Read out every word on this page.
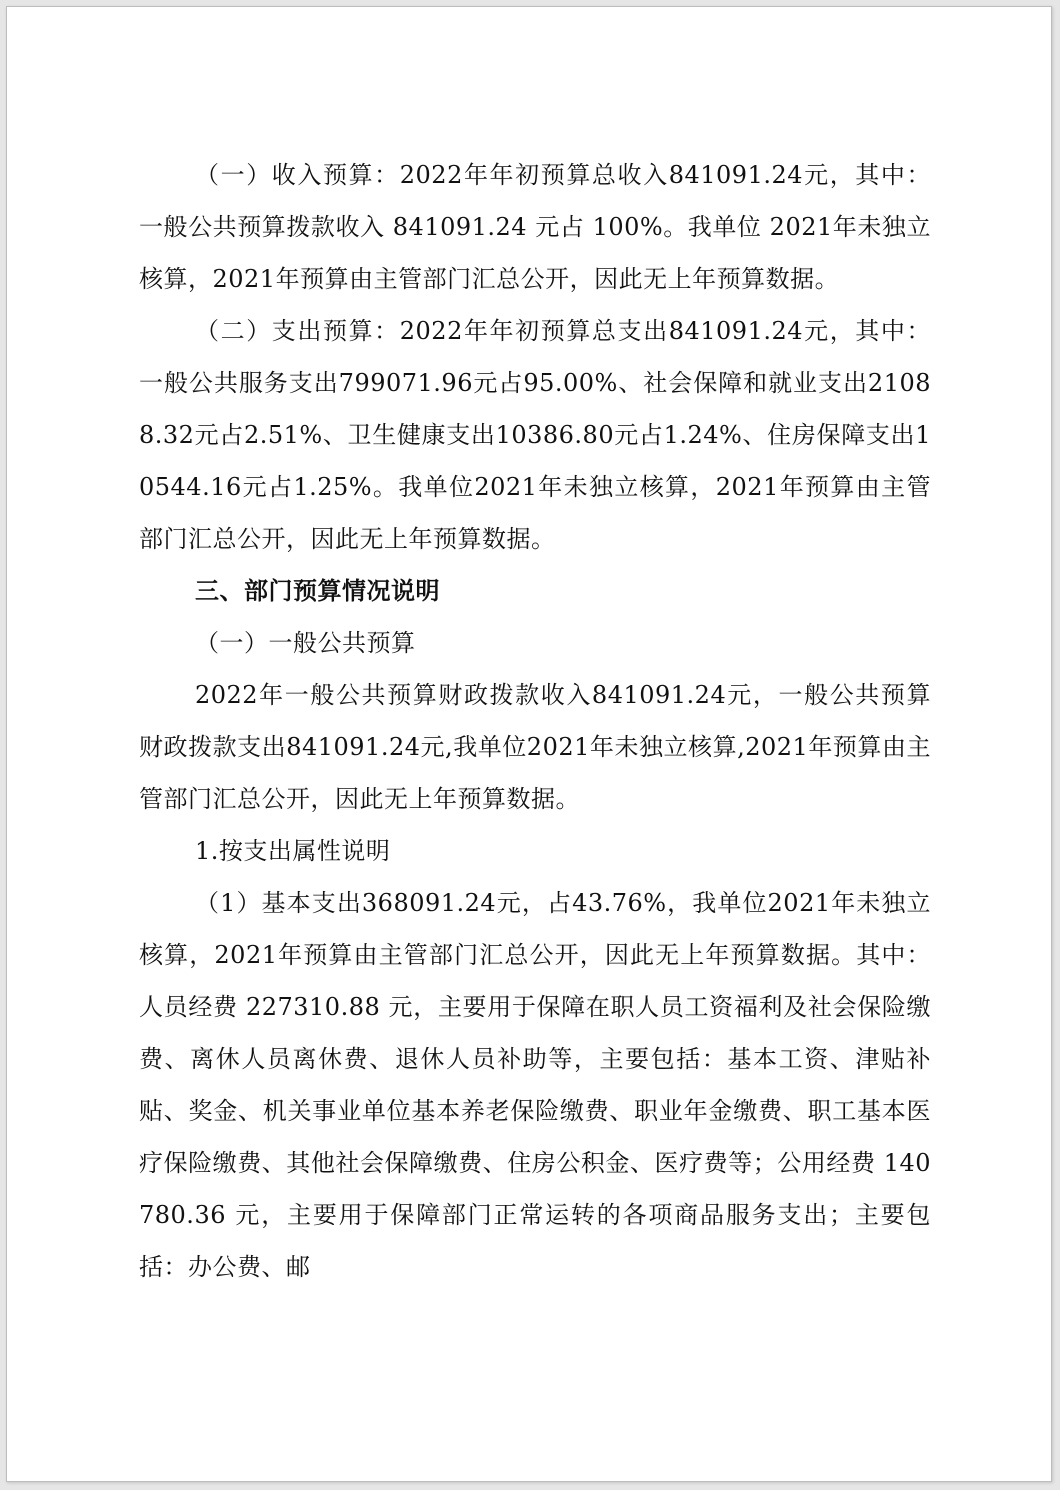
（一）收入预算：2022年年初预算总收入841091.24元，其中：一般公共预算拨款收入 841091.24 元占 100%。我单位 2021年未独立核算，2021年预算由主管部门汇总公开，因此无上年预算数据。

（二）支出预算：2022年年初预算总支出841091.24元，其中：一般公共服务支出799071.96元占95.00%、社会保障和就业支出21088.32元占2.51%、卫生健康支出10386.80元占1.24%、住房保障支出10544.16元占1.25%。我单位2021年未独立核算，2021年预算由主管部门汇总公开，因此无上年预算数据。

三、部门预算情况说明

（一）一般公共预算

2022年一般公共预算财政拨款收入841091.24元，一般公共预算财政拨款支出841091.24元,我单位2021年未独立核算,2021年预算由主管部门汇总公开，因此无上年预算数据。

1.按支出属性说明

（1）基本支出368091.24元，占43.76%，我单位2021年未独立核算，2021年预算由主管部门汇总公开，因此无上年预算数据。其中：人员经费 227310.88 元，主要用于保障在职人员工资福利及社会保险缴费、离休人员离休费、退休人员补助等，主要包括：基本工资、津贴补贴、奖金、机关事业单位基本养老保险缴费、职业年金缴费、职工基本医疗保险缴费、其他社会保障缴费、住房公积金、医疗费等；公用经费 140780.36 元，主要用于保障部门正常运转的各项商品服务支出；主要包括：办公费、邮
